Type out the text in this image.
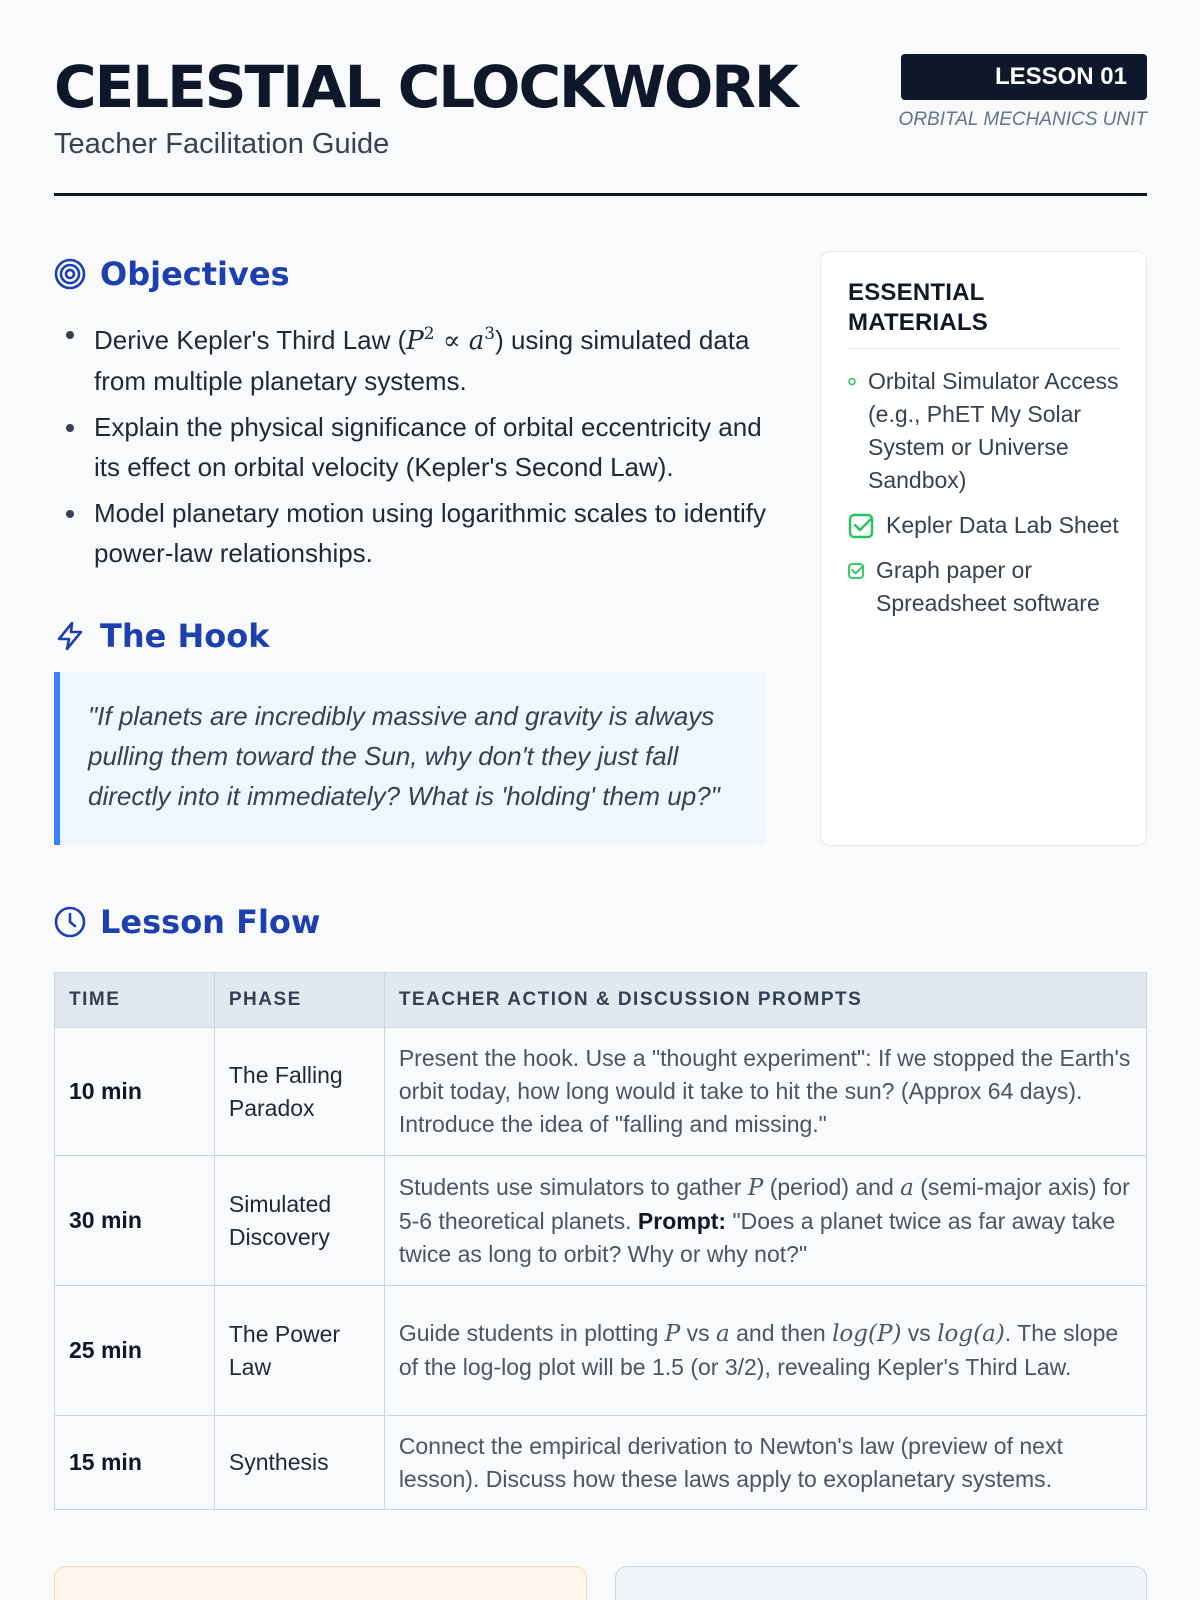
CELESTIAL CLOCKWORK
Teacher Facilitation Guide
LESSON 01
ORBITAL MECHANICS UNIT
Objectives
Derive Kepler's Third Law $(P^2 \propto a^3)$ using simulated data from multiple planetary systems.
Explain the physical significance of orbital eccentricity and its effect on orbital velocity (Kepler's Second Law).
Model planetary motion using logarithmic scales to identify power-law relationships.
The Hook

"If planets are incredibly massive and gravity is always pulling them toward the Sun, why don't they just fall directly into it immediately? What is 'holding' them up?"

ESSENTIAL MATERIALS
Orbital Simulator Access (e.g., PhET My Solar System or Universe Sandbox)
Kepler Data Lab Sheet
Graph paper or Spreadsheet software
Lesson Flow
TIME	PHASE	TEACHER ACTION & DISCUSSION PROMPTS
10 min	The Falling Paradox	Present the hook. Use a "thought experiment": If we stopped the Earth's orbit today, how long would it take to hit the sun? (Approx 64 days). Introduce the idea of "falling and missing."
30 min	Simulated Discovery	Students use simulators to gather P (period) and a (semi-major axis) for 5-6 theoretical planets. Prompt: "Does a planet twice as far away take twice as long to orbit? Why or why not?"
25 min	The Power Law	Guide students in plotting P vs a and then log(P) vs log(a). The slope of the log-log plot will be 1.5 (or 3/2), revealing Kepler's Third Law.
15 min	Synthesis	Connect the empirical derivation to Newton's law (preview of next lesson). Discuss how these laws apply to exoplanetary systems.
